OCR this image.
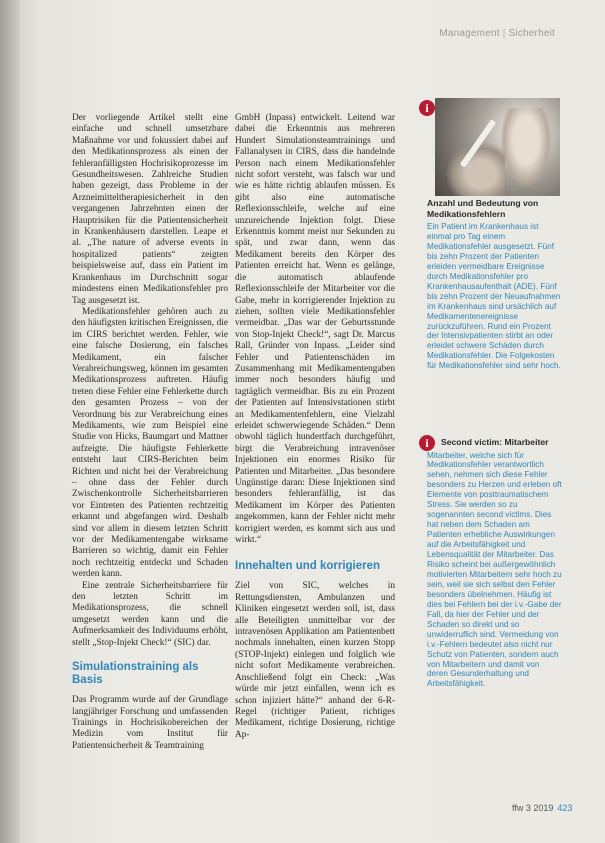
Management | Sicherheit

Der vorliegende Artikel stellt eine einfache und schnell umsetzbare Maßnahme vor und fokussiert dabei auf den Medikationsprozess als einen der fehleranfälligsten Hochrisikoprozesse im Gesundheitswesen. Zahlreiche Studien haben gezeigt, dass Probleme in der Arzneimitteltherapiesicherheit in den vergangenen Jahrzehnten einen der Hauptrisiken für die Patientensicherheit in Krankenhäusern darstellen. Leape et al. „The nature of adverse events in hospitalized patients“ zeigten beispielsweise auf, dass ein Patient im Krankenhaus im Durchschnitt sogar mindestens einen Medikationsfehler pro Tag ausgesetzt ist.

Medikationsfehler gehören auch zu den häufigsten kritischen Ereignissen, die im CIRS berichtet werden. Fehler, wie eine falsche Dosierung, ein falsches Medikament, ein falscher Verabreichungsweg, können im gesamten Medikationsprozess auftreten. Häufig treten diese Fehler eine Fehlerkette durch den gesamten Prozess – von der Verordnung bis zur Verabreichung eines Medikaments, wie zum Beispiel eine Studie von Hicks, Baumgart und Mattner aufzeigte. Die häufigste Fehlerkette entsteht laut CIRS-Berichten beim Richten und nicht bei der Verabreichung – ohne dass der Fehler durch Zwischenkontrolle Sicherheitsbarrieren vor Eintreten des Patienten rechtzeitig erkannt und abgefangen wird. Deshalb sind vor allem in diesem letzten Schritt vor der Medikamentengabe wirksame Barrieren so wichtig, damit ein Fehler noch rechtzeitig entdeckt und Schaden werden kann.

Eine zentrale Sicherheitsbarriere für den letzten Schritt im Medikationsprozess, die schnell umgesetzt werden kann und die Aufmerksamkeit des Individuums erhöht, stellt „Stop-Injekt Check!“ (SIC) dar.

Simulationstraining als Basis

Das Programm wurde auf der Grundlage langjähriger Forschung und umfassenden Trainings in Hochrisikobereichen der Medizin vom Institut für Patientensicherheit & Teamtraining

GmbH (Inpass) entwickelt. Leitend war dabei die Erkenntnis aus mehreren Hundert Simulationsteamtrainings und Fallanalysen in CIRS, dass die handelnde Person nach einem Medikationsfehler nicht sofort versteht, was falsch war und wie es hätte richtig ablaufen müssen. Es gibt also eine automatische Reflexionsschleife, welche auf eine unzureichende Injektion folgt. Diese Erkenntnis kommt meist nur Sekunden zu spät, und zwar dann, wenn das Medikament bereits den Körper des Patienten erreicht hat. Wenn es gelänge, die automatisch ablaufende Reflexionsschleife der Mitarbeiter vor die Gabe, mehr in korrigierender Injektion zu ziehen, sollten viele Medikationsfehler vermeidbar. „Das war der Geburtsstunde von Stop-Injekt Check!“, sagt Dr. Marcus Rall, Gründer von Inpass. „Leider sind Fehler und Patientenschäden im Zusammenhang mit Medikamentengaben immer noch besonders häufig und tagtäglich vermeidbar. Bis zu ein Prozent der Patienten auf Intensivstationen stirbt an Medikamentenfehlern, eine Vielzahl erleidet schwerwiegende Schäden.“ Denn obwohl täglich hundertfach durchgeführt, birgt die Verabreichung intravenöser Injektionen ein enormes Risiko für Patienten und Mitarbeiter. „Das besondere Ungünstige daran: Diese Injektionen sind besonders fehleranfällig, ist das Medikament im Körper des Patienten angekommen, kann der Fehler nicht mehr korrigiert werden, es kommt sich aus und wirkt.“

Innehalten und korrigieren

Ziel von SIC, welches in Rettungsdiensten, Ambulanzen und Kliniken eingesetzt werden soll, ist, dass alle Beteiligten unmittelbar vor der intravenösen Applikation am Patientenbett nochmals innehalten, einen kurzen Stopp (STOP-Injekt) einlegen und folglich wie nicht sofort Medikamente verabreichen. Anschließend folgt ein Check: „Was würde mir jetzt einfallen, wenn ich es schon injiziert hätte?“ anhand der 6-R-Regel (richtiger Patient, richtiges Medikament, richtige Dosierung, richtige Ap-

i
Anzahl und Bedeutung von Medikationsfehlern

Ein Patient im Krankenhaus ist einmal pro Tag einem Medikationsfehler ausgesetzt. Fünf bis zehn Prozent der Patienten erleiden vermeidbare Ereignisse durch Medikationsfehler pro Krankenhausaufenthalt (ADE). Fünf bis zehn Prozent der Neuaufnahmen im Krankenhaus sind ursächlich auf Medikamentenereignisse zurückzuführen. Rund ein Prozent der Intensivpatienten stirbt an oder erleidet schwere Schäden durch Medikationsfehler. Die Folgekosten für Medikationsfehler sind sehr hoch.

i	Second victim: Mitarbeiter

Mitarbeiter, welche sich für Medikationsfehler verantwortlich sehen, nehmen sich diese Fehler besonders zu Herzen und erleben oft Elemente von posttraumatischem Stress. Sie werden so zu sogenannten second victims. Dies hat neben dem Schaden am Patienten erhebliche Auswirkungen auf die Arbeitsfähigkeit und Lebensqualität der Mitarbeiter. Das Risiko scheint bei außergewöhnlich motivierten Mitarbeitern sehr hoch zu sein, weil sie sich selbst den Fehler besonders übelnehmen. Häufig ist dies bei Fehlern bei der i.v.-Gabe der Fall, da hier der Fehler und der Schaden so direkt und so unwiderruflich sind. Vermeidung von i.v.-Fehlern bedeutet also nicht nur Schutz von Patienten, sondern auch von Mitarbeitern und damit von deren Gesunderhaltung und Arbeitsfähigkeit.

ffw 3 2019 423
